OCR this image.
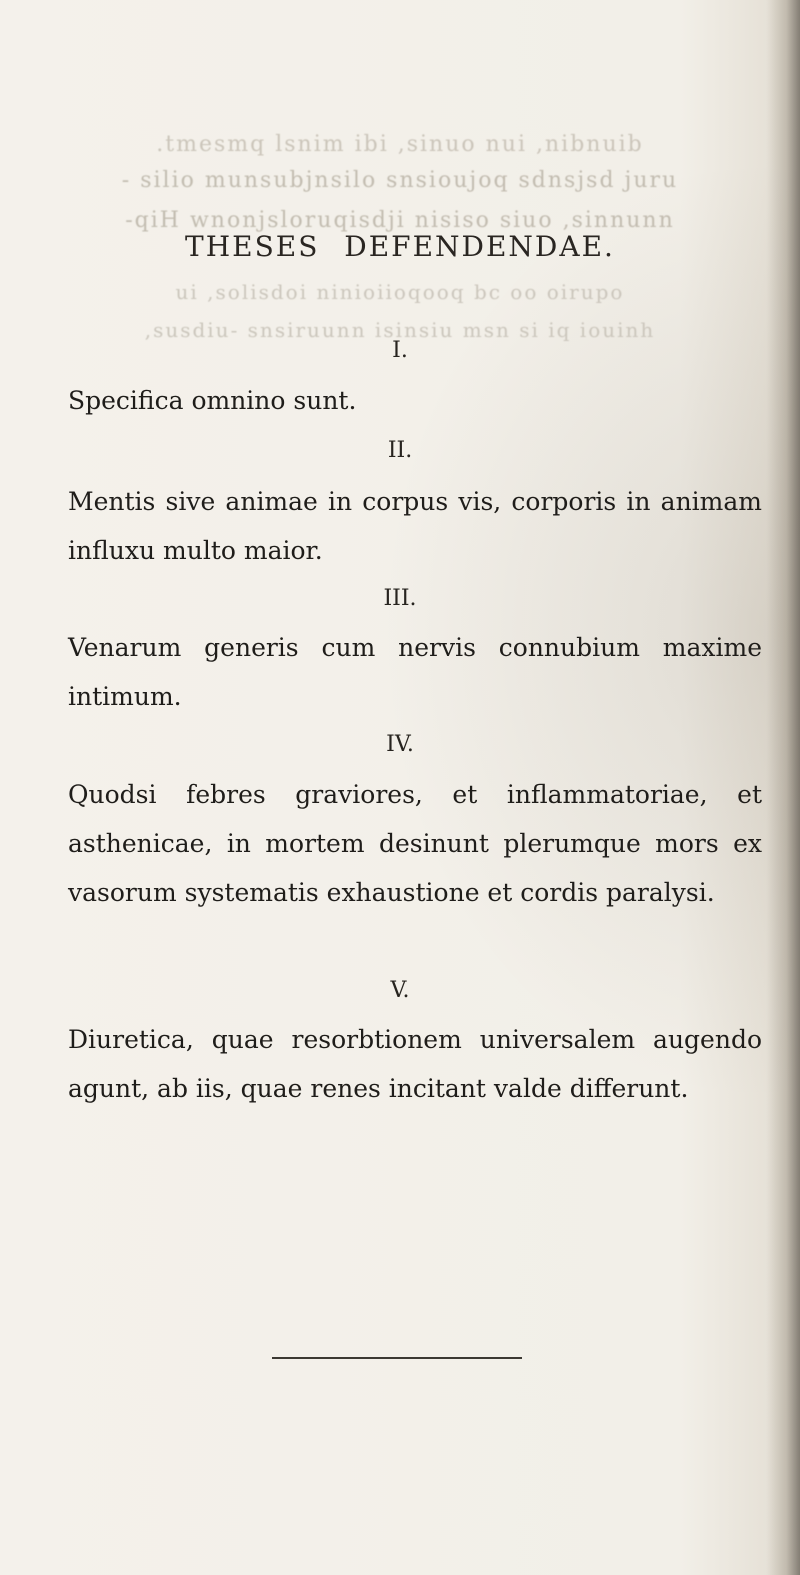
.tmesmq lsnim ibi ,sinuo nui ,nibnuib
- silio munsubjnsilo snsioujoq sdnsjsd juru
-qiH wnonjsloruqisdji nisiso siuo ,sinnunn
ui ,solisdoi ninioiioqooq bc oo oirupo
,susdiu- snsiruunn isinsiu msn si iq iouinh
THESES DEFENDENDAE.
I.
Specifica omnino sunt.
II.
Mentis sive animae in corpus vis, corporis in animam influxu multo maior.
III.
Venarum generis cum nervis connubium maxime intimum.
IV.
Quodsi febres graviores, et inflammatoriae, et asthenicae, in mortem desinunt plerumque mors ex vasorum systematis exhaustione et cordis paralysi.
V.
Diuretica, quae resorbtionem universalem augendo agunt, ab iis, quae renes incitant valde differunt.
